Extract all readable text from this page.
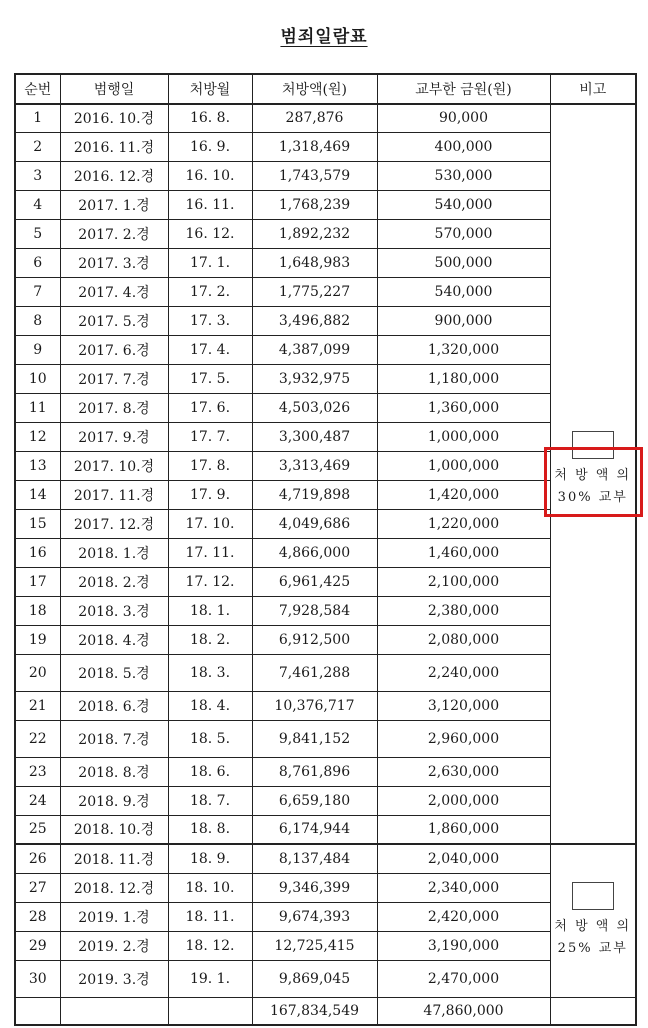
범죄일람표
순번	범행일	처방월	처방액(원)	교부한 금원(원)	비고
1	2016. 10.경	16. 8.	287,876	90,000	처 방 액 의
30% 교부

2	2016. 11.경	16. 9.	1,318,469	400,000	
3	2016. 12.경	16. 10.	1,743,579	530,000	
4	2017. 1.경	16. 11.	1,768,239	540,000	
5	2017. 2.경	16. 12.	1,892,232	570,000	
6	2017. 3.경	17. 1.	1,648,983	500,000	
7	2017. 4.경	17. 2.	1,775,227	540,000	
8	2017. 5.경	17. 3.	3,496,882	900,000	
9	2017. 6.경	17. 4.	4,387,099	1,320,000	
10	2017. 7.경	17. 5.	3,932,975	1,180,000	
11	2017. 8.경	17. 6.	4,503,026	1,360,000	
12	2017. 9.경	17. 7.	3,300,487	1,000,000	
13	2017. 10.경	17. 8.	3,313,469	1,000,000	
14	2017. 11.경	17. 9.	4,719,898	1,420,000	
15	2017. 12.경	17. 10.	4,049,686	1,220,000	
16	2018. 1.경	17. 11.	4,866,000	1,460,000	
17	2018. 2.경	17. 12.	6,961,425	2,100,000	
18	2018. 3.경	18. 1.	7,928,584	2,380,000	
19	2018. 4.경	18. 2.	6,912,500	2,080,000	
20	2018. 5.경	18. 3.	7,461,288	2,240,000	
21	2018. 6.경	18. 4.	10,376,717	3,120,000	
22	2018. 7.경	18. 5.	9,841,152	2,960,000	
23	2018. 8.경	18. 6.	8,761,896	2,630,000	
24	2018. 9.경	18. 7.	6,659,180	2,000,000	
25	2018. 10.경	18. 8.	6,174,944	1,860,000	
26	2018. 11.경	18. 9.	8,137,484	2,040,000	처 방 액 의
25% 교부

27	2018. 12.경	18. 10.	9,346,399	2,340,000	
28	2019. 1.경	18. 11.	9,674,393	2,420,000	
29	2019. 2.경	18. 12.	12,725,415	3,190,000	
30	2019. 3.경	19. 1.	9,869,045	2,470,000	
			167,834,549	47,860,000	
